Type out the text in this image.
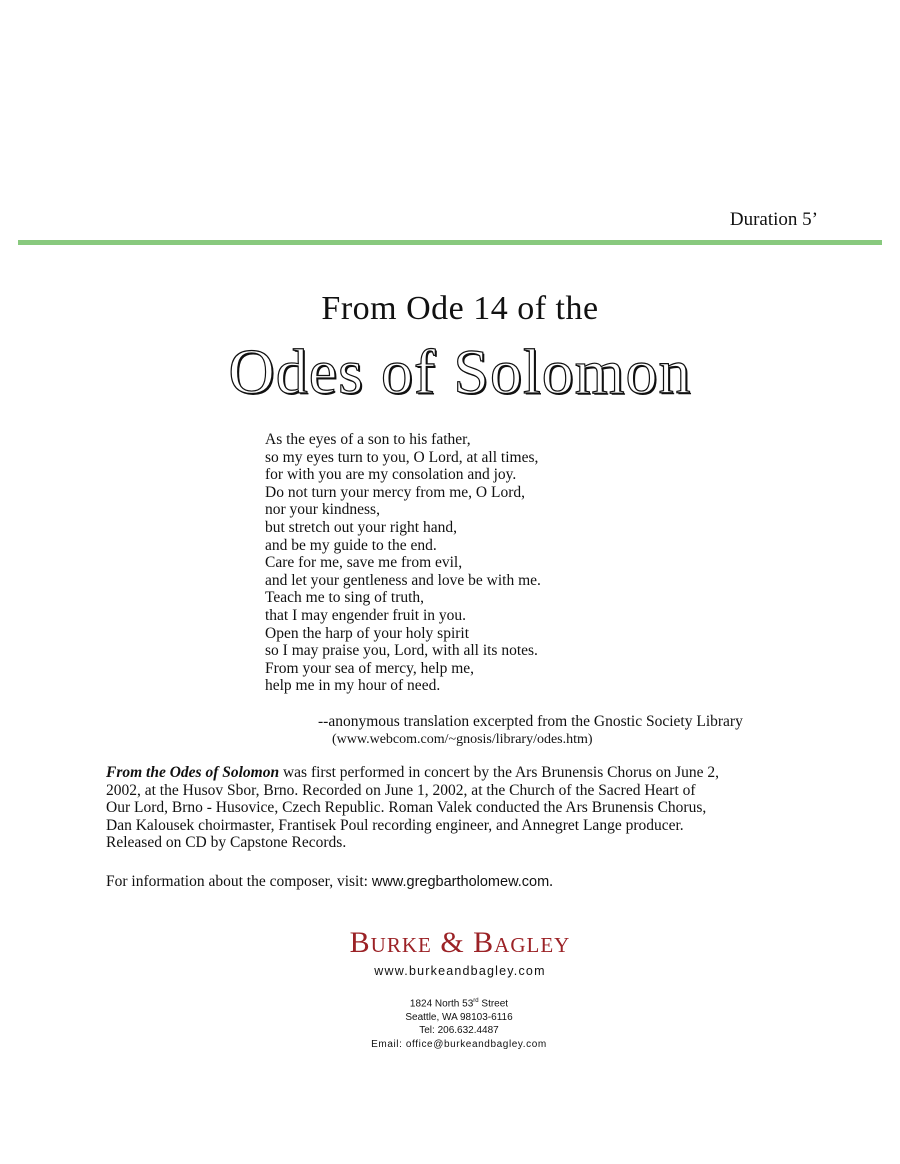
Duration 5’
From Ode 14 of the
Odes of Solomon
As the eyes of a son to his father,
so my eyes turn to you, O Lord, at all times,
for with you are my consolation and joy.
Do not turn your mercy from me, O Lord,
nor your kindness,
but stretch out your right hand,
and be my guide to the end.
Care for me, save me from evil,
and let your gentleness and love be with me.
Teach me to sing of truth,
that I may engender fruit in you.
Open the harp of your holy spirit
so I may praise you, Lord, with all its notes.
From your sea of mercy, help me,
help me in my hour of need.
--anonymous translation excerpted from the Gnostic Society Library
(www.webcom.com/~gnosis/library/odes.htm)
From the Odes of Solomon was first performed in concert by the Ars Brunensis Chorus on June 2,
2002, at the Husov Sbor, Brno. Recorded on June 1, 2002, at the Church of the Sacred Heart of
Our Lord, Brno - Husovice, Czech Republic. Roman Valek conducted the Ars Brunensis Chorus,
Dan Kalousek choirmaster, Frantisek Poul recording engineer, and Annegret Lange producer.
Released on CD by Capstone Records.
For information about the composer, visit: www.gregbartholomew.com.
Burke & Bagley
www.burkeandbagley.com
1824 North 53rd Street
Seattle, WA 98103-6116
Tel: 206.632.4487
Email: office@burkeandbagley.com
